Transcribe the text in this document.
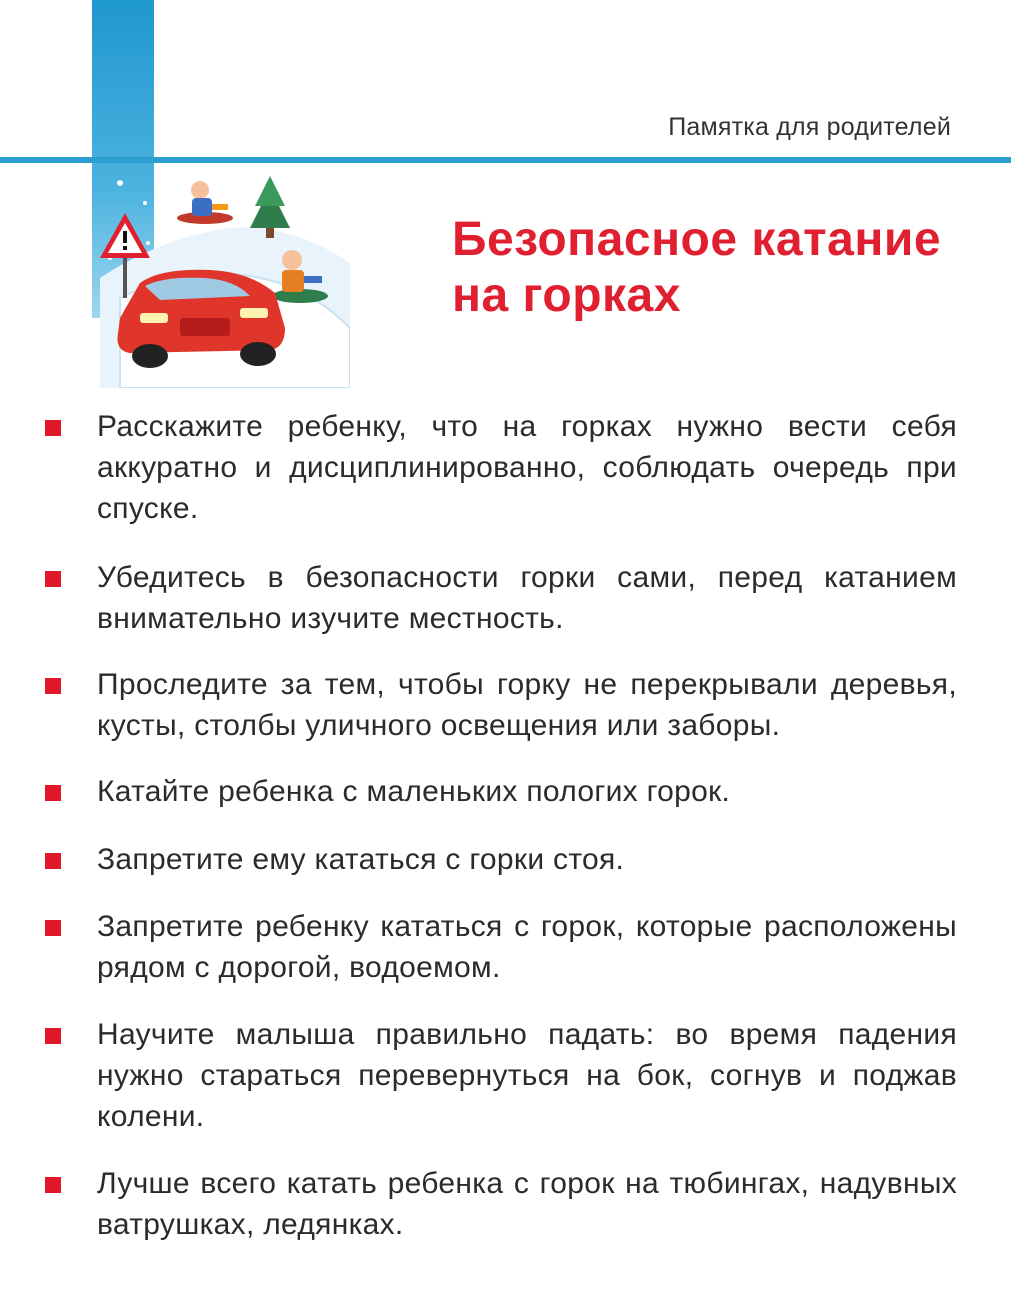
Памятка для родителей
Безопасное катание
на горках
Расскажите ребенку, что на горках нужно вести себя аккуратно и дисциплинированно, соблюдать очередь при спуске.
Убедитесь в безопасности горки сами, перед катанием внимательно изучите местность.
Проследите за тем, чтобы горку не перекрывали деревья, кусты, столбы уличного освещения или заборы.
Катайте ребенка с маленьких пологих горок.
Запретите ему кататься с горки стоя.
Запретите ребенку кататься с горок, которые расположены рядом с дорогой, водоемом.
Научите малыша правильно падать: во время падения нужно стараться перевернуться на бок, согнув и поджав колени.
Лучше всего катать ребенка с горок на тюбингах, надувных ватрушках, ледянках.
